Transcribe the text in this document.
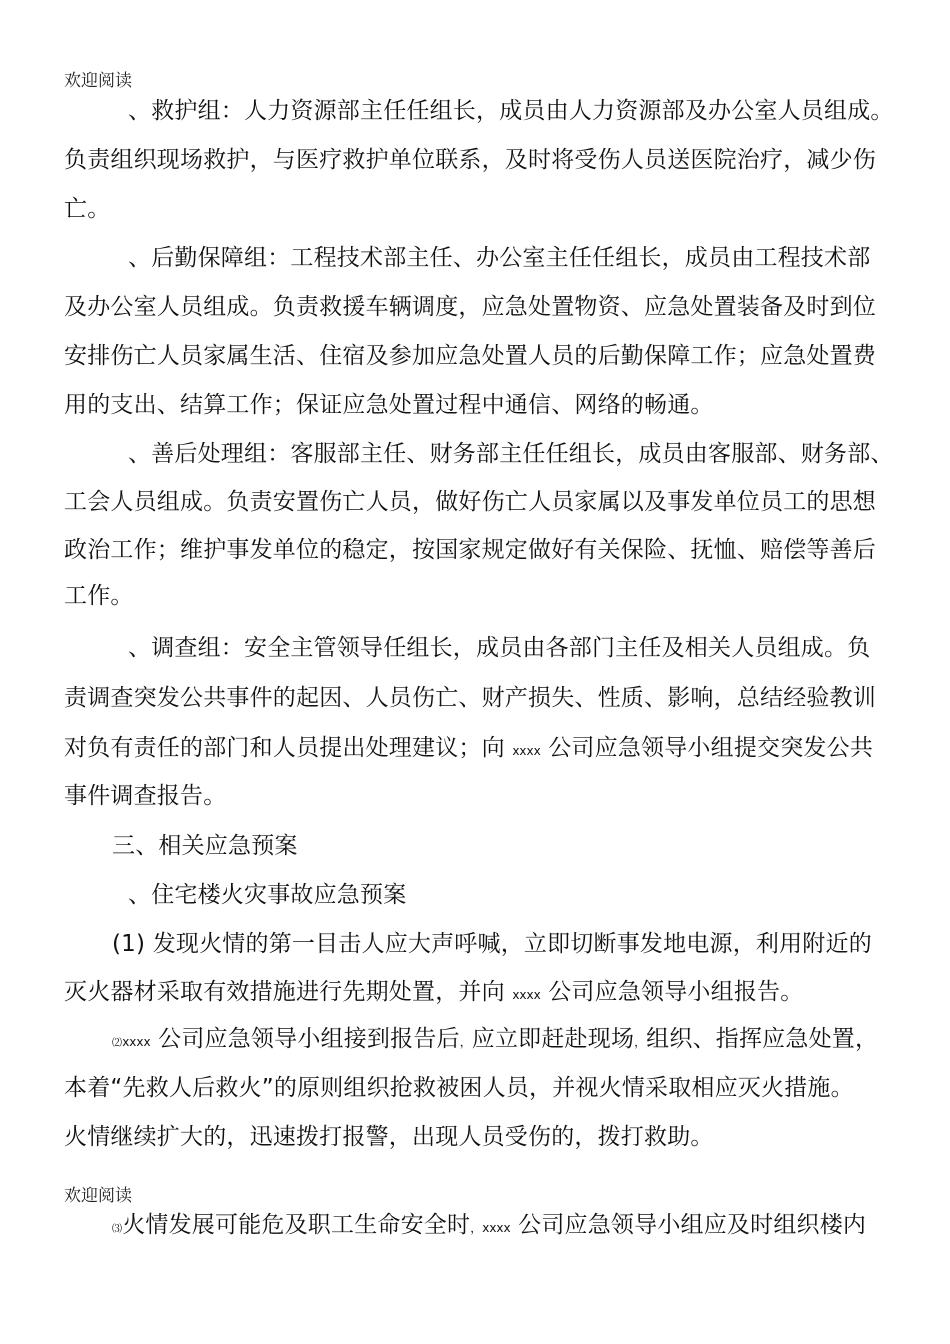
欢迎阅读
、救护组：人力资源部主任任组长，成员由人力资源部及办公室人员组成。
负责组织现场救护，与医疗救护单位联系，及时将受伤人员送医院治疗，减少伤
亡。
、后勤保障组：工程技术部主任、办公室主任任组长，成员由工程技术部
及办公室人员组成。负责救援车辆调度，应急处置物资、应急处置装备及时到位
安排伤亡人员家属生活、住宿及参加应急处置人员的后勤保障工作；应急处置费
用的支出、结算工作；保证应急处置过程中通信、网络的畅通。
、善后处理组：客服部主任、财务部主任任组长，成员由客服部、财务部、
工会人员组成。负责安置伤亡人员，做好伤亡人员家属以及事发单位员工的思想
政治工作；维护事发单位的稳定，按国家规定做好有关保险、抚恤、赔偿等善后
工作。
、调查组：安全主管领导任组长，成员由各部门主任及相关人员组成。负
责调查突发公共事件的起因、人员伤亡、财产损失、性质、影响，总结经验教训
对负有责任的部门和人员提出处理建议；向 xxxx 公司应急领导小组提交突发公共
事件调查报告。
三、相关应急预案
、住宅楼火灾事故应急预案
(1) 发现火情的第一目击人应大声呼喊，立即切断事发地电源，利用附近的
灭火器材采取有效措施进行先期处置，并向 xxxx 公司应急领导小组报告。
⑵xxxx 公司应急领导小组接到报告后，应立即赶赴现场，组织、指挥应急处置，
本着“先救人后救火”的原则组织抢救被困人员，并视火情采取相应灭火措施。
火情继续扩大的，迅速拨打报警，出现人员受伤的，拨打救助。
欢迎阅读
⑶火情发展可能危及职工生命安全时，xxxx 公司应急领导小组应及时组织楼内
